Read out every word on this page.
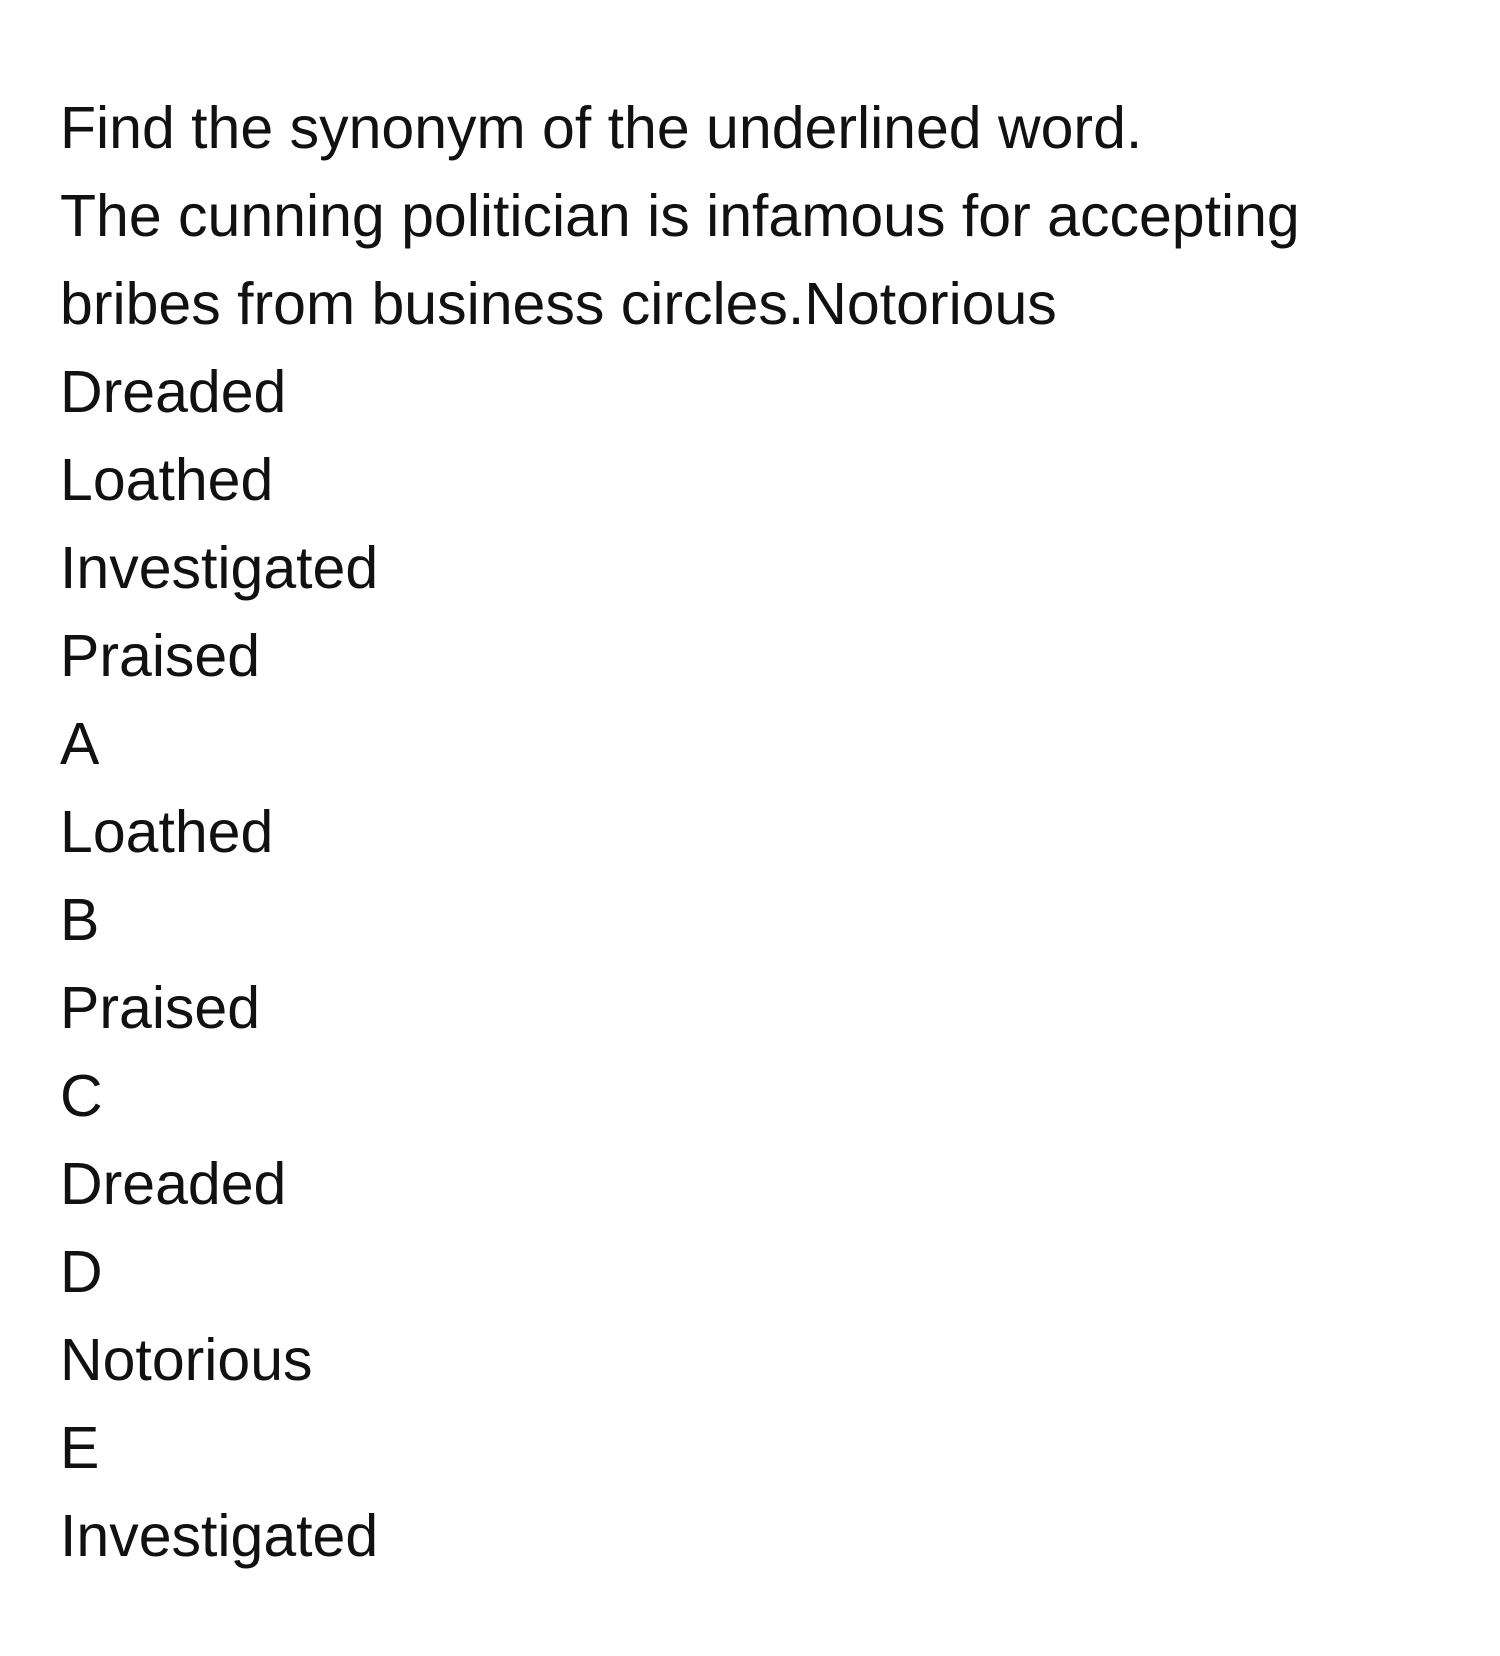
Find the synonym of the underlined word.

The cunning politician is infamous for accepting bribes from business circles.Notorious

Dreaded

Loathed

Investigated

Praised

A

Loathed

B

Praised

C

Dreaded

D

Notorious

E

Investigated
